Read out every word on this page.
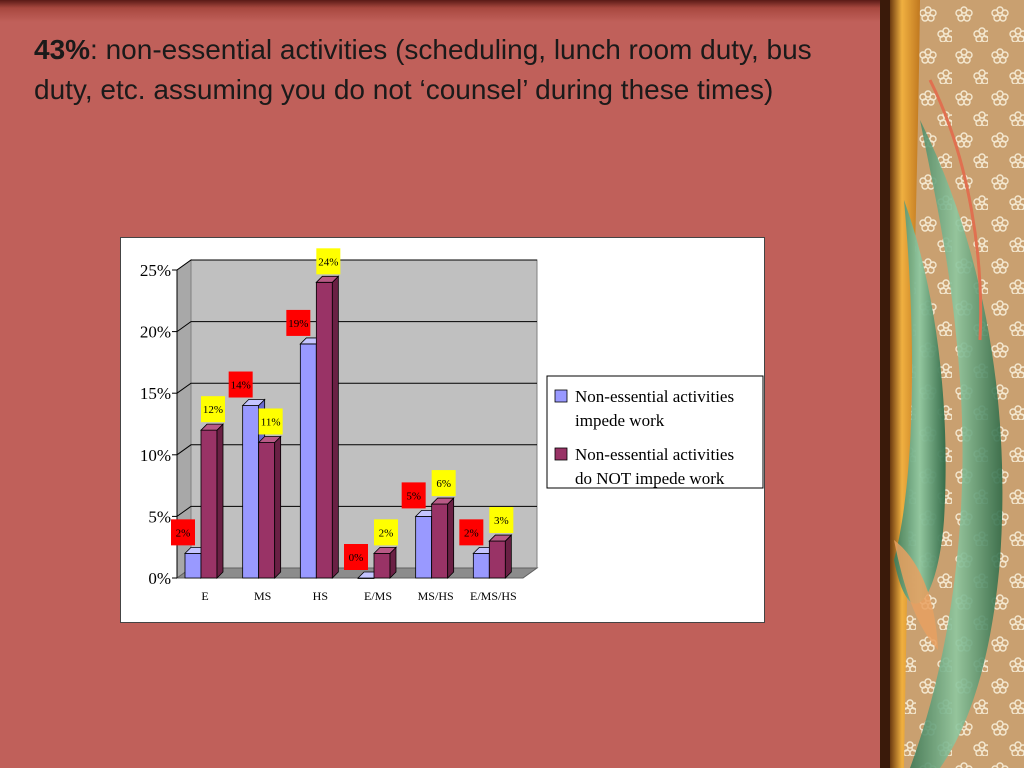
43%: non-essential activities (scheduling, lunch room duty, bus duty, etc. assuming you do not ‘counsel’ during these times)
0%
5%
10%
15%
20%
25%
2%
12%
E
14%
11%
MS
19%
24%
HS
0%
2%
E/MS
5%
6%
MS/HS
2%
3%
E/MS/HS
Non-essential activities
impede work
Non-essential activities
do NOT impede work
